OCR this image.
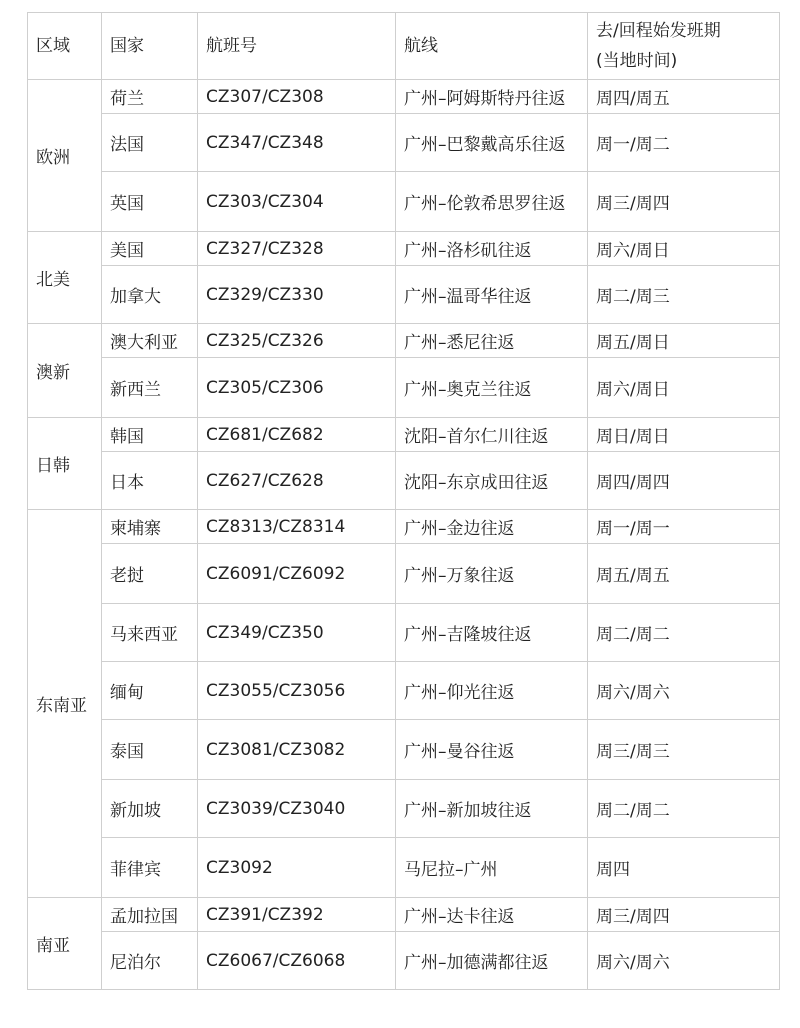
区域	国家	航班号	航线	去/回程始发班期
(当地时间)

欧洲	荷兰	CZ307/CZ308	广州–阿姆斯特丹往返	周四/周五
	法国	CZ347/CZ348	广州–巴黎戴高乐往返	周一/周二
	英国	CZ303/CZ304	广州–伦敦希思罗往返	周三/周四
北美	美国	CZ327/CZ328	广州–洛杉矶往返	周六/周日
	加拿大	CZ329/CZ330	广州–温哥华往返	周二/周三
澳新	澳大利亚	CZ325/CZ326	广州–悉尼往返	周五/周日
	新西兰	CZ305/CZ306	广州–奥克兰往返	周六/周日
日韩	韩国	CZ681/CZ682	沈阳–首尔仁川往返	周日/周日
	日本	CZ627/CZ628	沈阳–东京成田往返	周四/周四
东南亚	柬埔寨	CZ8313/CZ8314	广州–金边往返	周一/周一
	老挝	CZ6091/CZ6092	广州–万象往返	周五/周五
	马来西亚	CZ349/CZ350	广州–吉隆坡往返	周二/周二
	缅甸	CZ3055/CZ3056	广州–仰光往返	周六/周六
	泰国	CZ3081/CZ3082	广州–曼谷往返	周三/周三
	新加坡	CZ3039/CZ3040	广州–新加坡往返	周二/周二
	菲律宾	CZ3092	马尼拉–广州	周四
南亚	孟加拉国	CZ391/CZ392	广州–达卡往返	周三/周四
	尼泊尔	CZ6067/CZ6068	广州–加德满都往返	周六/周六
